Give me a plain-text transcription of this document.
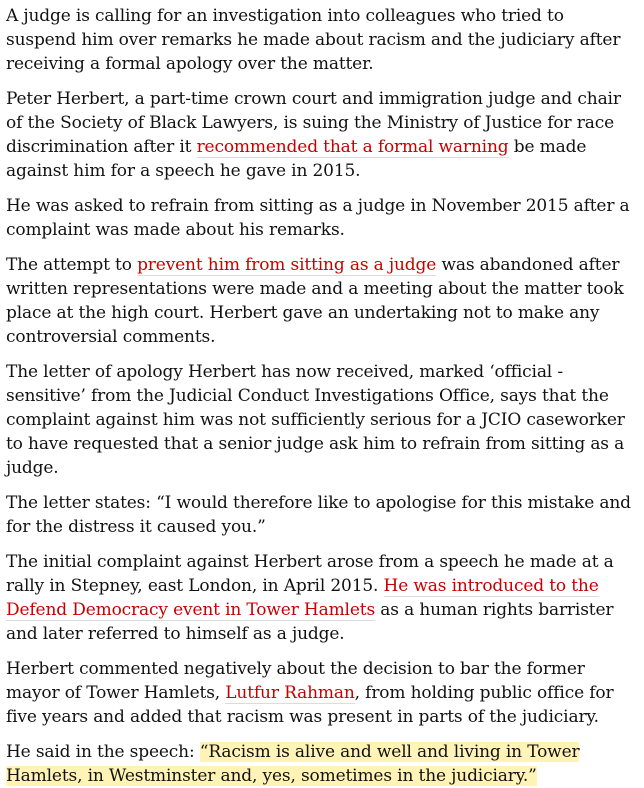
A judge is calling for an investigation into colleagues who tried to suspend him over remarks he made about racism and the judiciary after receiving a formal apology over the matter.

Peter Herbert, a part-time crown court and immigration judge and chair of the Society of Black Lawyers, is suing the Ministry of Justice for race discrimination after it recommended that a formal warning be made against him for a speech he gave in 2015.

He was asked to refrain from sitting as a judge in November 2015 after a complaint was made about his remarks.

The attempt to prevent him from sitting as a judge was abandoned after written representations were made and a meeting about the matter took place at the high court. Herbert gave an undertaking not to make any controversial comments.

The letter of apology Herbert has now received, marked ‘official - sensitive’ from the Judicial Conduct Investigations Office, says that the complaint against him was not sufficiently serious for a JCIO caseworker to have requested that a senior judge ask him to refrain from sitting as a judge.

The letter states: “I would therefore like to apologise for this mistake and for the distress it caused you.”

The initial complaint against Herbert arose from a speech he made at a rally in Stepney, east London, in April 2015. He was introduced to the Defend Democracy event in Tower Hamlets as a human rights barrister and later referred to himself as a judge.

Herbert commented negatively about the decision to bar the former mayor of Tower Hamlets, Lutfur Rahman, from holding public office for five years and added that racism was present in parts of the judiciary.

He said in the speech: “Racism is alive and well and living in Tower Hamlets, in Westminster and, yes, sometimes in the judiciary.”
